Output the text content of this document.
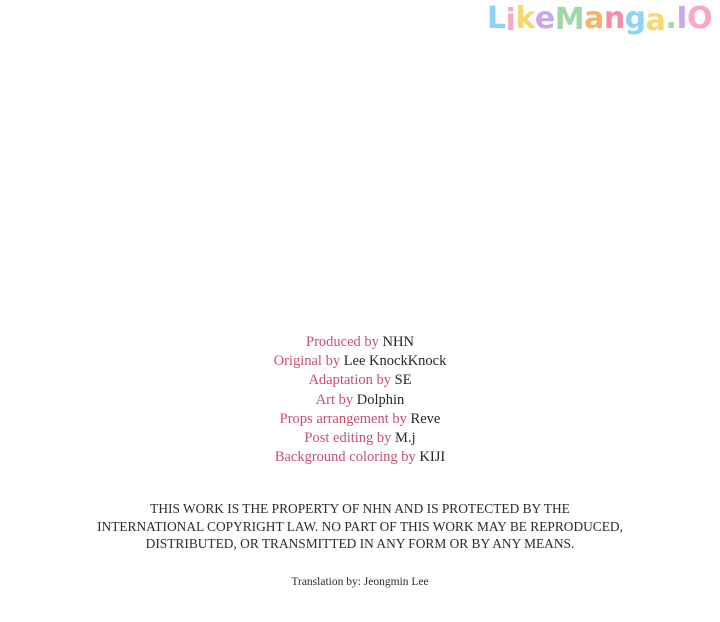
LikeManga.IO
Produced by NHN
Original by Lee KnockKnock
Adaptation by SE
Art by Dolphin
Props arrangement by Reve
Post editing by M.j
Background coloring by KIJI
THIS WORK IS THE PROPERTY OF NHN AND IS PROTECTED BY THE
INTERNATIONAL COPYRIGHT LAW. NO PART OF THIS WORK MAY BE REPRODUCED,
DISTRIBUTED, OR TRANSMITTED IN ANY FORM OR BY ANY MEANS.
Translation by: Jeongmin Lee
